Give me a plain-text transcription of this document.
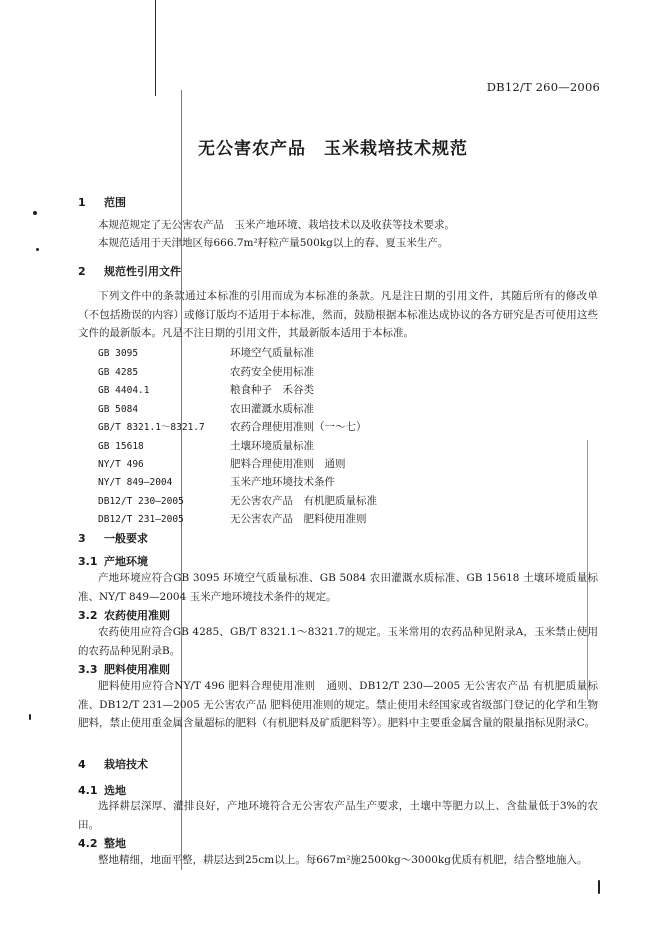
DB12/T 260—2006
无公害农产品　玉米栽培技术规范
1 范围
本规范规定了无公害农产品　玉米产地环境、栽培技术以及收获等技术要求。
本规范适用于天津地区每666.7m²籽粒产量500kg以上的春、夏玉米生产。
2 规范性引用文件
下列文件中的条款通过本标准的引用而成为本标准的条款。凡是注日期的引用文件，其随后所有的修改单（不包括勘误的内容）或修订版均不适用于本标准，然而，鼓励根据本标准达成协议的各方研究是否可使用这些文件的最新版本。凡是不注日期的引用文件，其最新版本适用于本标准。
GB 3095	环境空气质量标准
GB 4285	农药安全使用标准
GB 4404.1	粮食种子　禾谷类
GB 5084	农田灌溉水质标准
GB/T 8321.1～8321.7 农药合理使用准则（一～七）
GB 15618	土壤环境质量标准
NY/T 496	肥料合理使用准则　通则
NY/T 849—2004	玉米产地环境技术条件
DB12/T 230—2005	无公害农产品　有机肥质量标准
DB12/T 231—2005	无公害农产品　肥料使用准则
3 一般要求
3.1 产地环境
产地环境应符合GB 3095 环境空气质量标准、GB 5084 农田灌溉水质标准、GB 15618 土壤环境质量标准、NY/T 849—2004 玉米产地环境技术条件的规定。
3.2 农药使用准则
农药使用应符合GB 4285、GB/T 8321.1～8321.7的规定。玉米常用的农药品种见附录A，玉米禁止使用的农药品种见附录B。
3.3 肥料使用准则
肥料使用应符合NY/T 496 肥料合理使用准则　通则、DB12/T 230—2005 无公害农产品 有机肥质量标准、DB12/T 231—2005 无公害农产品 肥料使用准则的规定。禁止使用未经国家或省级部门登记的化学和生物肥料，禁止使用重金属含量超标的肥料（有机肥料及矿质肥料等）。肥料中主要重金属含量的限量指标见附录C。
4 栽培技术
4.1 选地
选择耕层深厚、灌排良好，产地环境符合无公害农产品生产要求，土壤中等肥力以上、含盐量低于3%的农田。
4.2 整地
整地精细，地面平整，耕层达到25cm以上。每667m²施2500kg～3000kg优质有机肥，结合整地施入。
